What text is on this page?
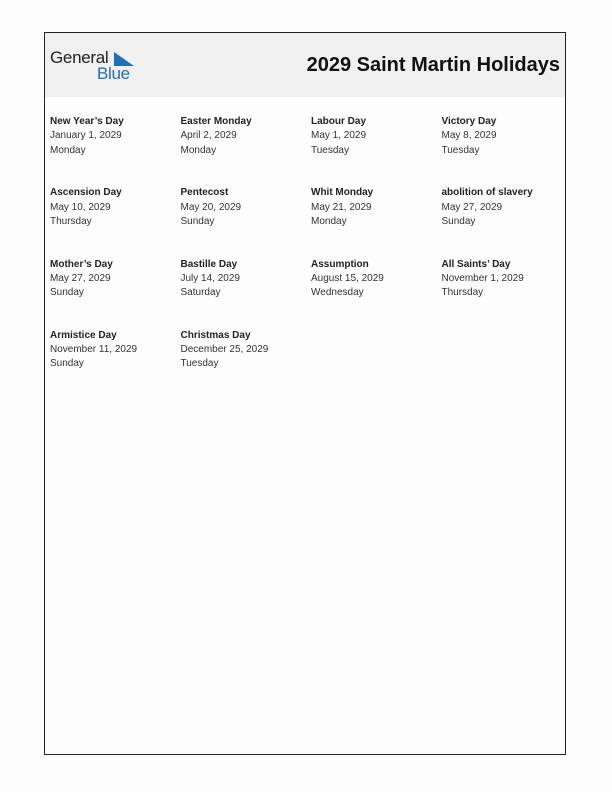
General
Blue	2029 Saint Martin Holidays
New Year’s Day
January 1, 2029
Monday
Easter Monday
April 2, 2029
Monday
Labour Day
May 1, 2029
Tuesday
Victory Day
May 8, 2029
Tuesday
Ascension Day
May 10, 2029
Thursday
Pentecost
May 20, 2029
Sunday
Whit Monday
May 21, 2029
Monday
abolition of slavery
May 27, 2029
Sunday
Mother’s Day
May 27, 2029
Sunday
Bastille Day
July 14, 2029
Saturday
Assumption
August 15, 2029
Wednesday
All Saints’ Day
November 1, 2029
Thursday
Armistice Day
November 11, 2029
Sunday
Christmas Day
December 25, 2029
Tuesday
